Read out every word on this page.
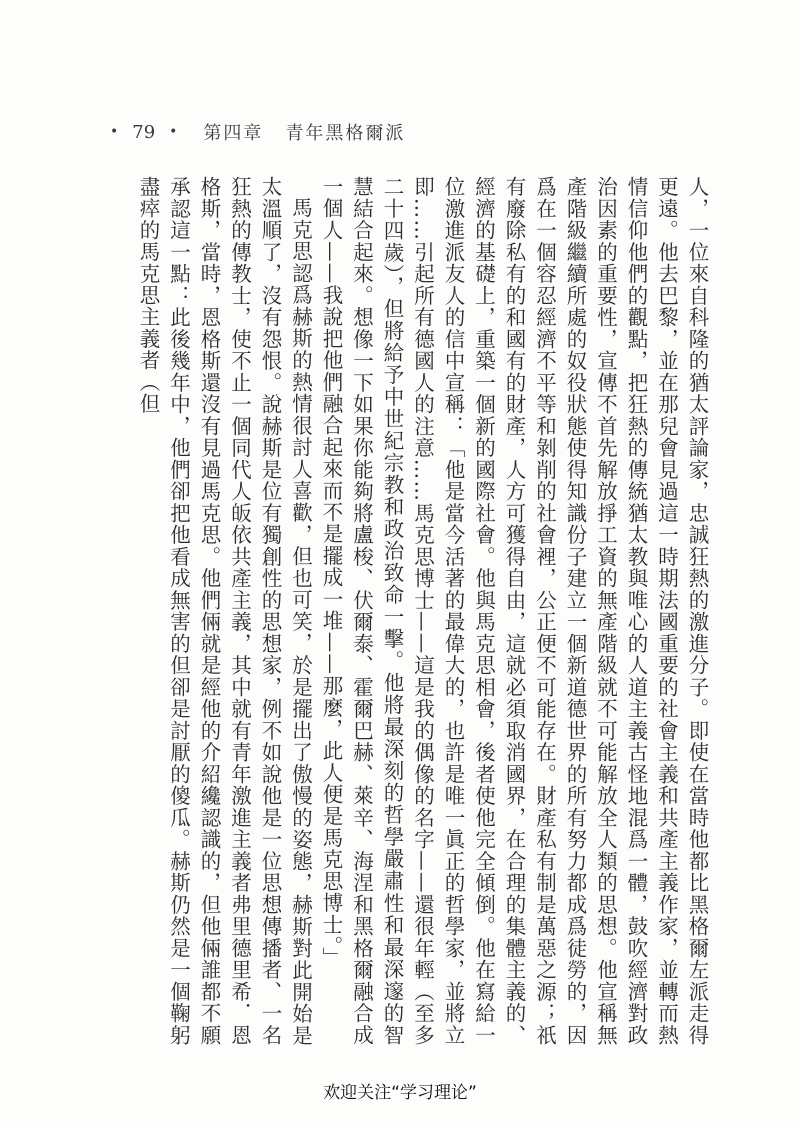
• 79 • 第四章 青年黑格爾派

人，一位來自科隆的猶太評論家，忠誠狂熱的激進分子。即使在當時他都比黑格爾左派走得更遠。他去巴黎，並在那兒會見過這一時期法國重要的社會主義和共產主義作家，並轉而熱情信仰他們的觀點，把狂熱的傳統猶太教與唯心的人道主義古怪地混爲一體，鼓吹經濟對政治因素的重要性，宣傳不首先解放掙工資的無產階級就不可能解放全人類的思想。他宣稱無產階級繼續所處的奴役狀態使得知識份子建立一個新道德世界的所有努力都成爲徒勞的，因爲在一個容忍經濟不平等和剝削的社會裡，公正便不可能存在。財產私有制是萬惡之源；祇有廢除私有的和國有的財產，人方可獲得自由，這就必須取消國界，在合理的集體主義的、經濟的基礎上，重築一個新的國際社會。他與馬克思相會，後者使他完全傾倒。他在寫給一位激進派友人的信中宣稱：「他是當今活著的最偉大的，也許是唯一眞正的哲學家，並將立即……引起所有德國人的注意……馬克思博士——這是我的偶像的名字——還很年輕（至多二十四歲），但將給予中世紀宗教和政治致命一擊。他將最深刻的哲學嚴肅性和最深邃的智慧結合起來。想像一下如果你能夠將盧梭、伏爾泰、霍爾巴赫、萊辛、海涅和黑格爾融合成一個人——我說把他們融合起來而不是擺成一堆——那麼，此人便是馬克思博士。」

馬克思認爲赫斯的熱情很討人喜歡，但也可笑，於是擺出了傲慢的姿態，赫斯對此開始是太溫順了，沒有怨恨。說赫斯是位有獨創性的思想家，例不如說他是一位思想傳播者、一名狂熱的傳教士，使不止一個同代人皈依共產主義，其中就有青年激進主義者弗里德里希．恩格斯，當時，恩格斯還沒有見過馬克思。他們倆就是經他的介紹纔認識的，但他倆誰都不願承認這一點：此後幾年中，他們卻把他看成無害的但卻是討厭的傻瓜。赫斯仍然是一個鞠躬盡瘁的馬克思主義者（但

欢迎关注“学习理论”
